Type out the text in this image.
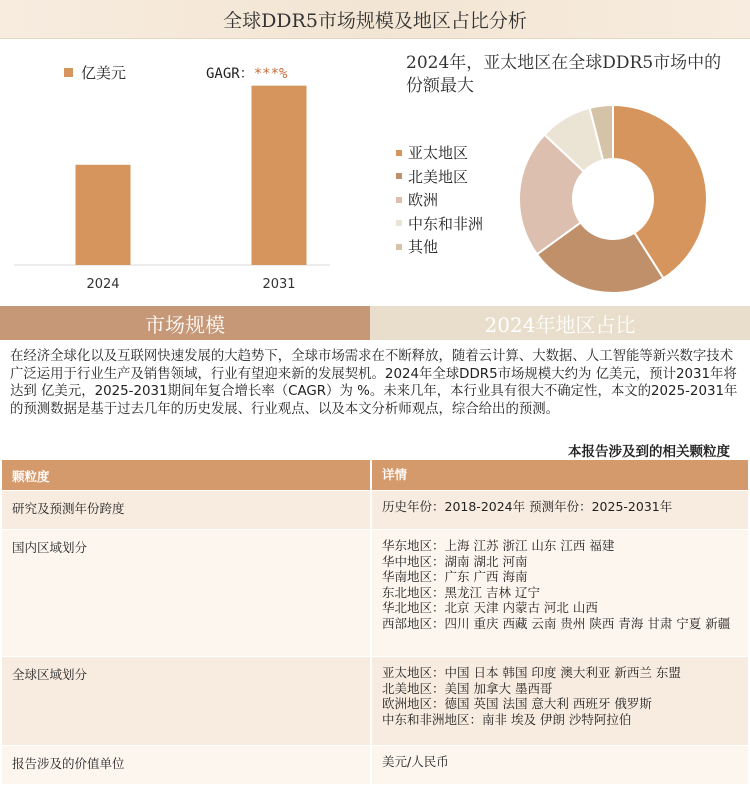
全球DDR5市场规模及地区占比分析
亿美元	GAGR：***%
2024	2031
2024年，亚太地区在全球DDR5市场中的份额最大
亚太地区
北美地区
欧洲
中东和非洲
其他
市场规模	2024年地区占比
在经济全球化以及互联网快速发展的大趋势下，全球市场需求在不断释放，随着云计算、大数据、人工智能等新兴数字技术广泛运用于行业生产及销售领域，行业有望迎来新的发展契机。2024年全球DDR5市场规模大约为 亿美元，预计2031年将达到 亿美元，2025-2031期间年复合增长率（CAGR）为 %。未来几年，本行业具有很大不确定性，本文的2025-2031年的预测数据是基于过去几年的历史发展、行业观点、以及本文分析师观点，综合给出的预测。
本报告涉及到的相关颗粒度
颗粒度	详情
研究及预测年份跨度	历史年份：2018-2024年 预测年份：2025-2031年
国内区域划分	华东地区：上海 江苏 浙江 山东 江西 福建
华中地区：湖南 湖北 河南
华南地区：广东 广西 海南
东北地区：黑龙江 吉林 辽宁
华北地区：北京 天津 内蒙古 河北 山西
西部地区：四川 重庆 西藏 云南 贵州 陕西 青海 甘肃 宁夏 新疆
全球区域划分	亚太地区：中国 日本 韩国 印度 澳大利亚 新西兰 东盟
北美地区：美国 加拿大 墨西哥
欧洲地区：德国 英国 法国 意大利 西班牙 俄罗斯
中东和非洲地区：南非 埃及 伊朗 沙特阿拉伯
报告涉及的价值单位	美元/人民币
